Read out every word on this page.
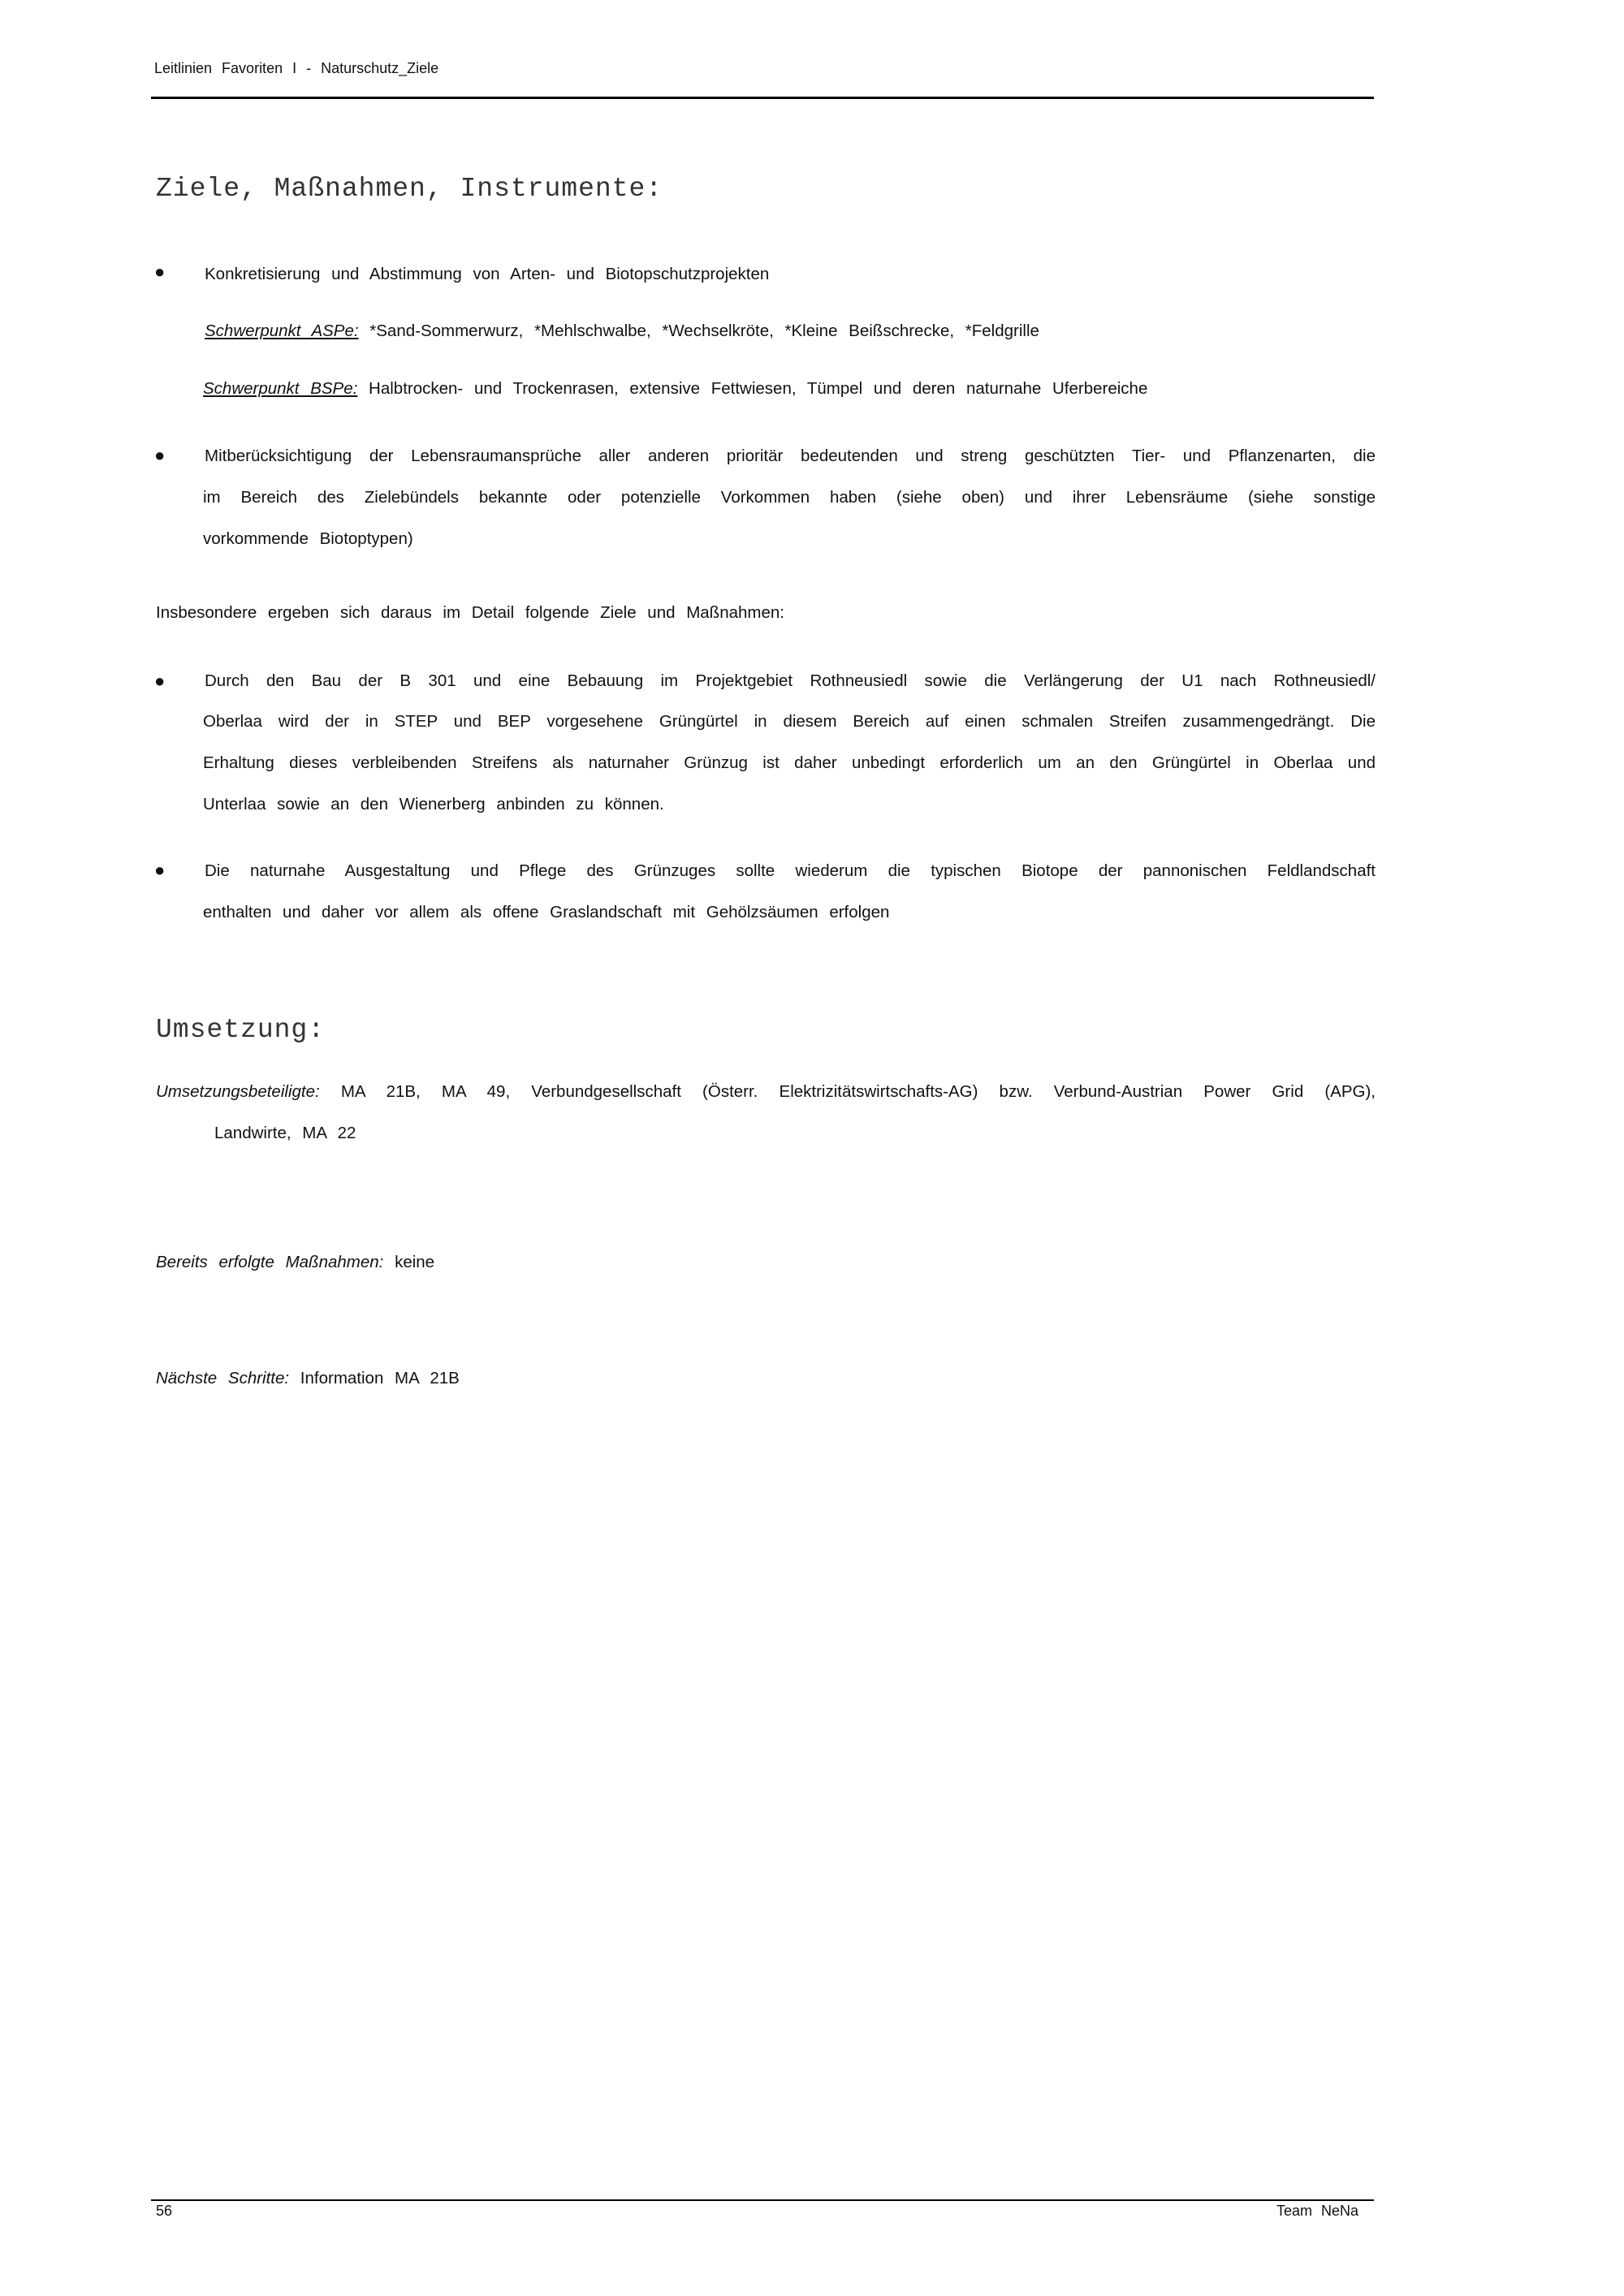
Leitlinien Favoriten I - Naturschutz_Ziele
Ziele, Maßnahmen, Instrumente:
●
Konkretisierung und Abstimmung von Arten- und Biotopschutzprojekten
Schwerpunkt ASPe: *Sand-Sommerwurz, *Mehlschwalbe, *Wechselkröte, *Kleine Beißschrecke, *Feldgrille
Schwerpunkt BSPe: Halbtrocken- und Trockenrasen, extensive Fettwiesen, Tümpel und deren naturnahe Uferbereiche
●
Mitberücksichtigung der Lebensraumansprüche aller anderen prioritär bedeutenden und streng geschützten Tier- und Pflanzenarten, die
im Bereich des Zielebündels bekannte oder potenzielle Vorkommen haben (siehe oben) und ihrer Lebensräume (siehe sonstige
vorkommende Biotoptypen)
Insbesondere ergeben sich daraus im Detail folgende Ziele und Maßnahmen:
●
Durch den Bau der B 301 und eine Bebauung im Projektgebiet Rothneusiedl sowie die Verlängerung der U1 nach Rothneusiedl/
Oberlaa wird der in STEP und BEP vorgesehene Grüngürtel in diesem Bereich auf einen schmalen Streifen zusammengedrängt. Die
Erhaltung dieses verbleibenden Streifens als naturnaher Grünzug ist daher unbedingt erforderlich um an den Grüngürtel in Oberlaa und
Unterlaa sowie an den Wienerberg anbinden zu können.
●
Die naturnahe Ausgestaltung und Pflege des Grünzuges sollte wiederum die typischen Biotope der pannonischen Feldlandschaft
enthalten und daher vor allem als offene Graslandschaft mit Gehölzsäumen erfolgen
Umsetzung:
Umsetzungsbeteiligte: MA 21B, MA 49, Verbundgesellschaft (Österr. Elektrizitätswirtschafts-AG) bzw. Verbund-Austrian Power Grid (APG),
Landwirte, MA 22
Bereits erfolgte Maßnahmen: keine
Nächste Schritte: Information MA 21B
56	Team NeNa
